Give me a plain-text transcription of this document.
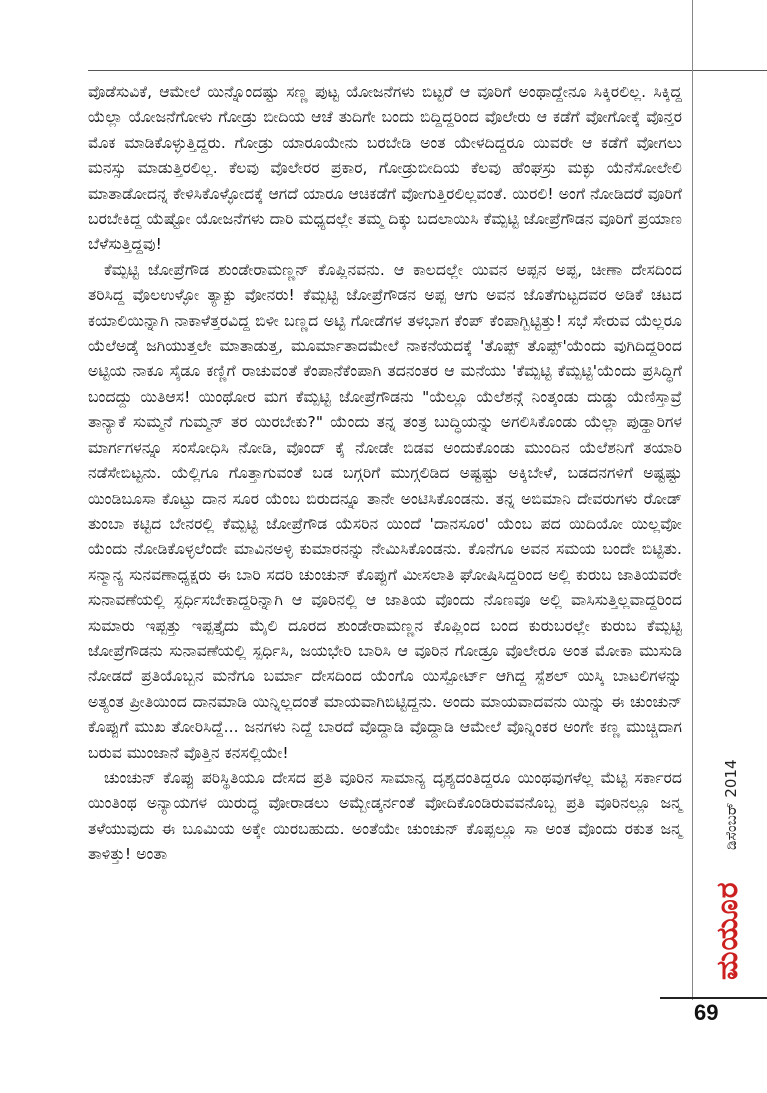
ವೊಡೆಸುವಿಕೆ, ಆಮೇಲೆ ಯಿನ್ನೊಂದಷ್ಟು ಸಣ್ಣ ಪುಟ್ಟ ಯೋಜನೆಗಳು ಬಿಟ್ಟರೆ ಆ ವೂರಿಗೆ ಅಂಥಾದ್ದೇನೂ ಸಿಕ್ಕಿರಲಿಲ್ಲ. ಸಿಕ್ಕಿದ್ದ ಯೆಲ್ಲಾ ಯೋಜನೆಗೋಳು ಗೋಡ್ರು ಬೀದಿಯ ಆಚೆ ತುದಿಗೇ ಬಂದು ಬಿದ್ದಿದ್ದರಿಂದ ವೊಲೇರು ಆ ಕಡೆಗೆ ವೋಗೋಕ್ಕೆ ವೊನ್ತರ ಮೊಕ ಮಾಡಿಕೊಳ್ಳುತ್ತಿದ್ದರು. ಗೋಡ್ರು ಯಾರೂಯೇನು ಬರಬೇಡಿ ಅಂತ ಯೇಳದಿದ್ದರೂ ಯಿವರೇ ಆ ಕಡೆಗೆ ವೋಗಲು ಮನಸ್ಸು ಮಾಡುತ್ತಿರಲಿಲ್ಲ. ಕೆಲವು ವೊಲೇರರ ಪ್ರಕಾರ, ಗೋಡ್ರುಬೀದಿಯ ಕೆಲವು ಹೆಂಘಸ್ರು ಮಕ್ಳು ಯೆನೆಸೋಲೇಲಿ ಮಾತಾಡೋದನ್ನ ಕೇಳಿಸಿಕೊಳ್ಳೋದಕ್ಕೆ ಆಗದೆ ಯಾರೂ ಆಚಿಕಡೆಗೆ ವೋಗುತ್ತಿರಲಿಲ್ಲವಂತೆ. ಯಿರಲಿ! ಅಂಗೆ ನೋಡಿದರೆ ವೂರಿಗೆ ಬರಬೇಕಿದ್ದ ಯೆಷ್ಟೋ ಯೋಜನೆಗಳು ದಾರಿ ಮಧ್ಯದಲ್ಲೇ ತಮ್ಮ ದಿಕ್ಕು ಬದಲಾಯಿಸಿ ಕೆಮ್ಪಟ್ಟಿ ಜೋಪ್ರೆಗೌಡನ ವೂರಿಗೆ ಪ್ರಯಾಣ ಬೆಳೆಸುತ್ತಿದ್ದವು!

ಕೆಮ್ಪಟ್ಟಿ ಜೋಪ್ರೆಗೌಡ ಶುಂಡೇರಾಮಣ್ಣನ್ ಕೊಪ್ಲಿನವನು. ಆ ಕಾಲದಲ್ಲೇ ಯಿವನ ಅಪ್ಪನ ಅಪ್ಪ, ಚೀಣಾ ದೇಸದಿಂದ ತರಿಸಿದ್ದ ವೊಲಉಳ್ಳೋ ತ್ಯಾಕ್ಟು ವೋನರು! ಕೆಮ್ಪಟ್ಟಿ ಜೋಪ್ರೆಗೌಡನ ಅಪ್ಪ ಆಗು ಅವನ ಜೊತೆಗುಟ್ಟದವರ ಅಡಿಕೆ ಚಟದ ಕಯಾಲಿಯಿನ್ನಾಗಿ ನಾಕಾಳೆತ್ತರವಿದ್ದ ಬಿಳೀ ಬಣ್ಣದ ಅಟ್ಟಿ ಗೋಡೆಗಳ ತಳಭಾಗ ಕೆಂಪ್ ಕೆಂಪಾಗ್ಬಿಟ್ಟಿತ್ತು! ಸಭೆ ಸೇರುವ ಯೆಲ್ಲರೂ ಯೆಲೆಅಡ್ಕೆ ಜಗಿಯುತ್ತಲೇ ಮಾತಾಡುತ್ತ, ಮೂರ್ಮಾತಾದಮೇಲೆ ನಾಕನೆಯದಕ್ಕೆ 'ತೊಪ್ಪ್ ತೊಪ್ಪ್'ಯೆಂದು ವುಗಿದಿದ್ದರಿಂದ ಅಟ್ಟಿಯ ನಾಕೂ ಸೈಡೂ ಕಣ್ಣಿಗೆ ರಾಚುವಂತೆ ಕೆಂಪಾನೆಕೆಂಪಾಗಿ ತದನಂತರ ಆ ಮನೆಯು 'ಕೆಮ್ಪಟ್ಟಿ ಕೆಮ್ಪಟ್ಟಿ'ಯೆಂದು ಪ್ರಸಿದ್ಧಿಗೆ ಬಂದದ್ದು ಯಿತಿಆಸ! ಯಿಂಥೋರ ಮಗ ಕೆಮ್ಪಟ್ಟಿ ಜೋಪ್ರೆಗೌಡನು "ಯೆಲ್ಲೂ ಯೆಲೆಶನ್ಗೆ ನಿಂತ್ಕಂಡು ದುಡ್ಡು ಯೆಣಿಸ್ತಾವ್ರೆ ತಾನ್ಯಾಕೆ ಸುಮ್ಮನೆ ಗುಮ್ಮನ್ ತರ ಯಿರಬೇಕು?" ಯೆಂದು ತನ್ನ ತಂತ್ರ ಬುದ್ಧಿಯನ್ನು ಅಗಲಿಸಿಕೊಂಡು ಯೆಲ್ಲಾ ಪುಡ್ಹಾರಿಗಳ ಮಾರ್ಗಗಳನ್ನೂ ಸಂಸೋಧಿಸಿ ನೋಡಿ, ವೊಂದ್ ಕೈ ನೋಡೇ ಬಿಡವ ಅಂದುಕೊಂಡು ಮುಂದಿನ ಯೆಲೆಶನಿಗೆ ತಯಾರಿ ನಡೆಸೇಬಿಟ್ಟನು. ಯೆಲ್ಲಿಗೂ ಗೊತ್ತಾಗುವಂತೆ ಬಡ ಬಗ್ಗರಿಗೆ ಮುಗ್ಗಲಿಡಿದ ಅಷ್ಟಷ್ಟು ಅಕ್ಕಿಬೇಳೆ, ಬಡದನಗಳಿಗೆ ಅಷ್ಟಷ್ಟು ಯಿಂಡಿಬೂಸಾ ಕೊಟ್ಟು ದಾನ ಸೂರ ಯೆಂಬ ಬಿರುದನ್ನೂ ತಾನೇ ಅಂಟಿಸಿಕೊಂಡನು. ತನ್ನ ಅಬಿಮಾನಿ ದೇವರುಗಳು ರೋಡ್ ತುಂಬಾ ಕಟ್ಟಿದ ಬೇನರಲ್ಲಿ ಕೆಮ್ಪಟ್ಟಿ ಜೋಪ್ರೆಗೌಡ ಯೆಸರಿನ ಯಿಂದೆ 'ದಾನಸೂರ' ಯೆಂಬ ಪದ ಯಿದಿಯೋ ಯಿಲ್ಲವೋ ಯೆಂದು ನೋಡಿಕೊಳ್ಳಲೆಂದೇ ಮಾವಿನಅಳ್ಳಿ ಕುಮಾರನನ್ನು ನೇಮಿಸಿಕೊಂಡನು. ಕೊನೆಗೂ ಅವನ ಸಮಯ ಬಂದೇ ಬಿಟ್ಟಿತು. ಸನ್ಮಾನ್ಯ ಸುನವಣಾಧ್ಯಕ್ಷರು ಈ ಬಾರಿ ಸದರಿ ಚುಂಚುನ್ ಕೊಪ್ಪುಗೆ ಮೀಸಲಾತಿ ಘೋಷಿಸಿದ್ದರಿಂದ ಅಲ್ಲಿ ಕುರುಬ ಜಾತಿಯವರೇ ಸುನಾವಣೆಯಲ್ಲಿ ಸ್ಪರ್ಧಿಸಬೇಕಾದ್ದರಿನ್ನಾಗಿ ಆ ವೂರಿನಲ್ಲಿ ಆ ಜಾತಿಯ ವೊಂದು ನೊಣವೂ ಅಲ್ಲಿ ವಾಸಿಸುತ್ತಿಲ್ಲವಾದ್ದರಿಂದ ಸುಮಾರು ಇಪ್ಪತ್ತು ಇಪ್ಪತ್ತೈದು ಮೈಲಿ ದೂರದ ಶುಂಡೇರಾಮಣ್ಣನ ಕೊಪ್ಲಿಂದ ಬಂದ ಕುರುಬರಲ್ಲೇ ಕುರುಬ ಕೆಮ್ಪಟ್ಟಿ ಜೋಪ್ರೆಗೌಡನು ಸುನಾವಣೆಯಲ್ಲಿ ಸ್ಪರ್ಧಿಸಿ, ಜಯಭೇರಿ ಬಾರಿಸಿ ಆ ವೂರಿನ ಗೋಡ್ರೂ ವೊಲೇರೂ ಅಂತ ಮೋಕಾ ಮುಸುಡಿ ನೋಡದೆ ಪ್ರತಿಯೊಬ್ಬನ ಮನೆಗೂ ಬರ್ಮಾ ದೇಸದಿಂದ ಯೆಂಗೊ ಯಿಸ್ಪೋರ್ಟ್ ಆಗಿದ್ದ ಸ್ಪೆಶಲ್ ಯಿಸ್ಕಿ ಬಾಟಲಿಗಳನ್ನು ಅತ್ಯಂತ ಪ್ರೀತಿಯಿಂದ ದಾನಮಾಡಿ ಯಿನ್ನಿಲ್ಲದಂತೆ ಮಾಯವಾಗಿಬಿಟ್ಟಿದ್ದನು. ಅಂದು ಮಾಯವಾದವನು ಯಿನ್ನು ಈ ಚುಂಚುನ್ ಕೊಪ್ಪುಗೆ ಮುಖ ತೋರಿಸಿದ್ದೆ... ಜನಗಳು ನಿದ್ದೆ ಬಾರದೆ ವೊದ್ದಾಡಿ ವೊದ್ದಾಡಿ ಆಮೇಲೆ ವೊನ್ನಿಂಕರ ಅಂಗೇ ಕಣ್ಣ ಮುಚ್ಚಿದಾಗ ಬರುವ ಮುಂಜಾನೆ ವೊತ್ತಿನ ಕನಸಲ್ಲಿಯೇ!

ಚುಂಚುನ್ ಕೊಪ್ಪು ಪರಿಸ್ಥಿತಿಯೂ ದೇಸದ ಪ್ರತಿ ವೂರಿನ ಸಾಮಾನ್ಯ ದೃಶ್ಯದಂತಿದ್ದರೂ ಯಿಂಥವುಗಳೆಲ್ಲ ಮೆಟ್ಟಿ ಸರ್ಕಾರದ ಯಿಂತಿಂಥ ಅನ್ಯಾಯಗಳ ಯಿರುದ್ಧ ವೋರಾಡಲು ಅಮ್ಬೇಡ್ಕರ್ನಂತೆ ವೋದಿಕೊಂಡಿರುವವನೊಬ್ಬ ಪ್ರತಿ ವೂರಿನಲ್ಲೂ ಜನ್ಮ ತಳೆಯುವುದು ಈ ಬೂಮಿಯ ಅಕ್ಕೇ ಯಿರಬಹುದು. ಅಂತೆಯೇ ಚುಂಚುನ್ ಕೊಪ್ಪಲ್ಲೂ ಸಾ ಅಂತ ವೊಂದು ರಕುತ ಜನ್ಮ ತಾಳಿತ್ತು! ಅಂತಾ

ಡಿಸೆಂಬರ್ 2014
ಮಯೂರ
69
